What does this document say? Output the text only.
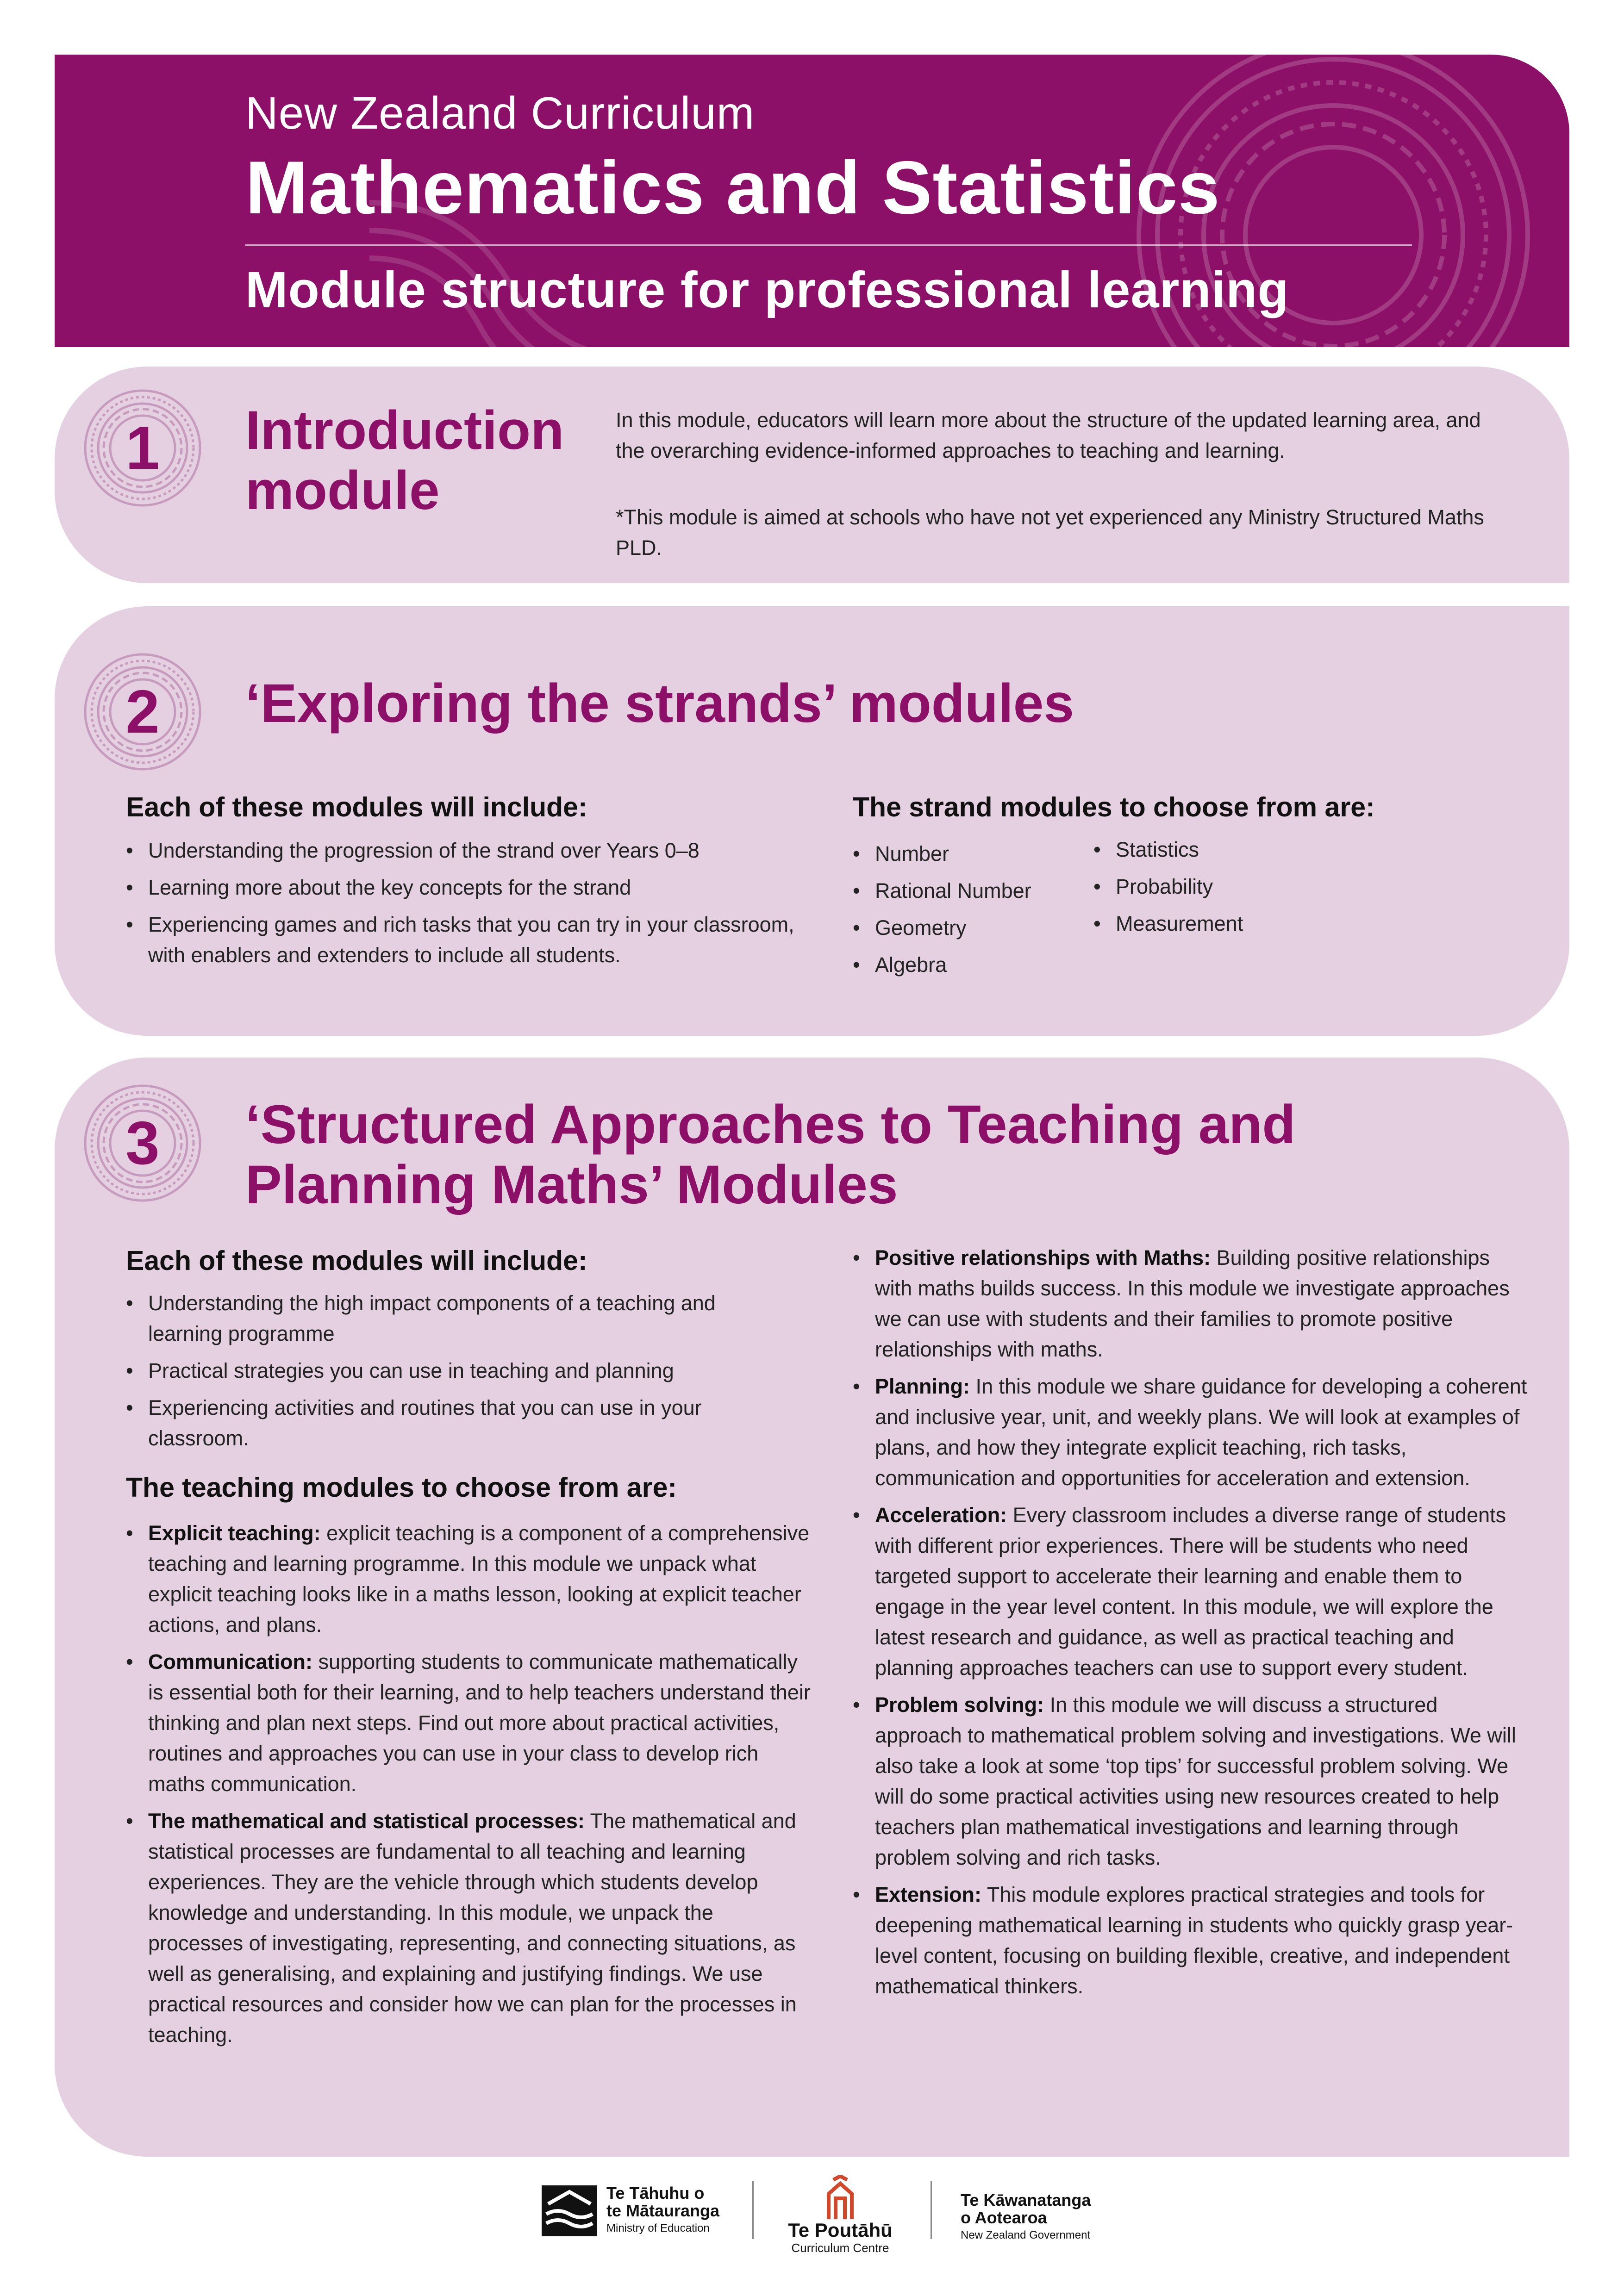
New Zealand Curriculum
Mathematics and Statistics
Module structure for professional learning
1	Introduction
module
In this module, educators will learn more about the structure of the updated learning area, and the overarching evidence-informed approaches to teaching and learning.
*This module is aimed at schools who have not yet experienced any Ministry Structured Maths PLD.
2	‘Exploring the strands’ modules
Each of these modules will include:
• Understanding the progression of the strand over Years 0–8
• Learning more about the key concepts for the strand
• Experiencing games and rich tasks that you can try in your classroom, with enablers and extenders to include all students.
The strand modules to choose from are:
• Number
• Rational Number
• Geometry
• Algebra
• Statistics
• Probability
• Measurement
3	‘Structured Approaches to Teaching and
Planning Maths’ Modules
Each of these modules will include:
• Understanding the high impact components of a teaching and learning programme
• Practical strategies you can use in teaching and planning
• Experiencing activities and routines that you can use in your classroom.
The teaching modules to choose from are:
• Explicit teaching: explicit teaching is a component of a comprehensive teaching and learning programme. In this module we unpack what explicit teaching looks like in a maths lesson, looking at explicit teacher actions, and plans.
• Communication: supporting students to communicate mathematically is essential both for their learning, and to help teachers understand their thinking and plan next steps. Find out more about practical activities, routines and approaches you can use in your class to develop rich maths communication.
• The mathematical and statistical processes: The mathematical and statistical processes are fundamental to all teaching and learning experiences. They are the vehicle through which students develop knowledge and understanding. In this module, we unpack the processes of investigating, representing, and connecting situations, as well as generalising, and explaining and justifying findings. We use practical resources and consider how we can plan for the processes in teaching.
• Positive relationships with Maths: Building positive relationships with maths builds success. In this module we investigate approaches we can use with students and their families to promote positive relationships with maths.
• Planning: In this module we share guidance for developing a coherent and inclusive year, unit, and weekly plans. We will look at examples of plans, and how they integrate explicit teaching, rich tasks, communication and opportunities for acceleration and extension.
• Acceleration: Every classroom includes a diverse range of students with different prior experiences. There will be students who need targeted support to accelerate their learning and enable them to engage in the year level content. In this module, we will explore the latest research and guidance, as well as practical teaching and planning approaches teachers can use to support every student.
• Problem solving: In this module we will discuss a structured approach to mathematical problem solving and investigations. We will also take a look at some ‘top tips’ for successful problem solving. We will do some practical activities using new resources created to help teachers plan mathematical investigations and learning through problem solving and rich tasks.
• Extension: This module explores practical strategies and tools for deepening mathematical learning in students who quickly grasp year-level content, focusing on building flexible, creative, and independent mathematical thinkers.
Te Tāhuhu o
te Mātauranga
Ministry of Education	Te Poutāhū
Curriculum Centre
Te Kāwanatanga
o Aotearoa
New Zealand Government
